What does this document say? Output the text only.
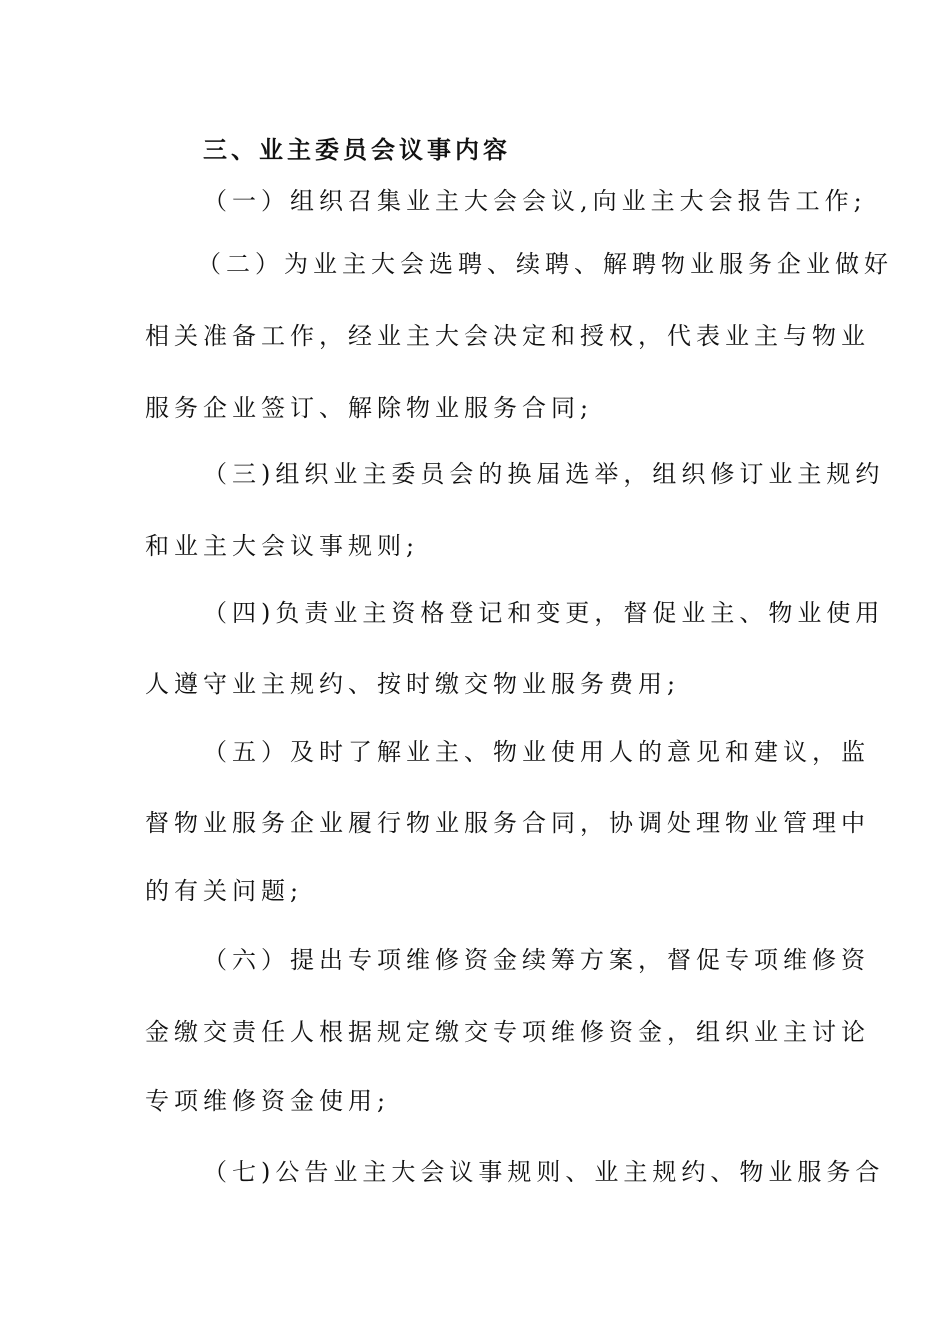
三、业主委员会议事内容
（一）组织召集业主大会会议,向业主大会报告工作;
（二）为业主大会选聘、续聘、解聘物业服务企业做好
相关准备工作，经业主大会决定和授权，代表业主与物业
服务企业签订、解除物业服务合同;
（三)组织业主委员会的换届选举，组织修订业主规约
和业主大会议事规则;
（四)负责业主资格登记和变更，督促业主、物业使用
人遵守业主规约、按时缴交物业服务费用;
（五）及时了解业主、物业使用人的意见和建议，监
督物业服务企业履行物业服务合同，协调处理物业管理中
的有关问题;
（六）提出专项维修资金续筹方案，督促专项维修资
金缴交责任人根据规定缴交专项维修资金，组织业主讨论
专项维修资金使用;
（七)公告业主大会议事规则、业主规约、物业服务合
